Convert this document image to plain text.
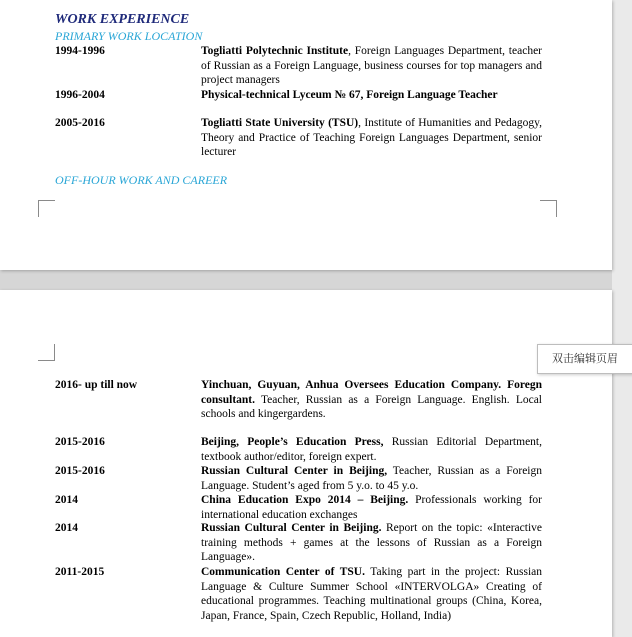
WORK EXPERIENCE
PRIMARY WORK LOCATION
1994-1996	Togliatti Polytechnic Institute, Foreign Languages Department, teacher of Russian as a Foreign Language, business courses for top managers and project managers
1996-2004	Physical-technical Lyceum № 67, Foreign Language Teacher
2005-2016	Togliatti State University (TSU), Institute of Humanities and Pedagogy, Theory and Practice of Teaching Foreign Languages Department, senior lecturer
OFF-HOUR WORK AND CAREER
2016- up till now	Yinchuan, Guyuan, Anhua Oversees Education Company. Foregn consultant. Teacher, Russian as a Foreign Language. English. Local schools and kingergardens.
2015-2016	Beijing, People’s Education Press, Russian Editorial Department, textbook author/editor, foreign expert.
2015-2016	Russian Cultural Center in Beijing, Teacher, Russian as a Foreign Language. Student’s aged from 5 y.o. to 45 y.o.
2014	China Education Expo 2014 – Beijing. Professionals working for international education exchanges
2014	Russian Cultural Center in Beijing. Report on the topic: «Interactive training methods + games at the lessons of Russian as a Foreign Language».
2011-2015	Communication Center of TSU. Taking part in the project: Russian Language & Culture Summer School «INTERVOLGA» Creating of educational programmes. Teaching multinational groups (China, Korea, Japan, France, Spain, Czech Republic, Holland, India)
双击编辑页眉
